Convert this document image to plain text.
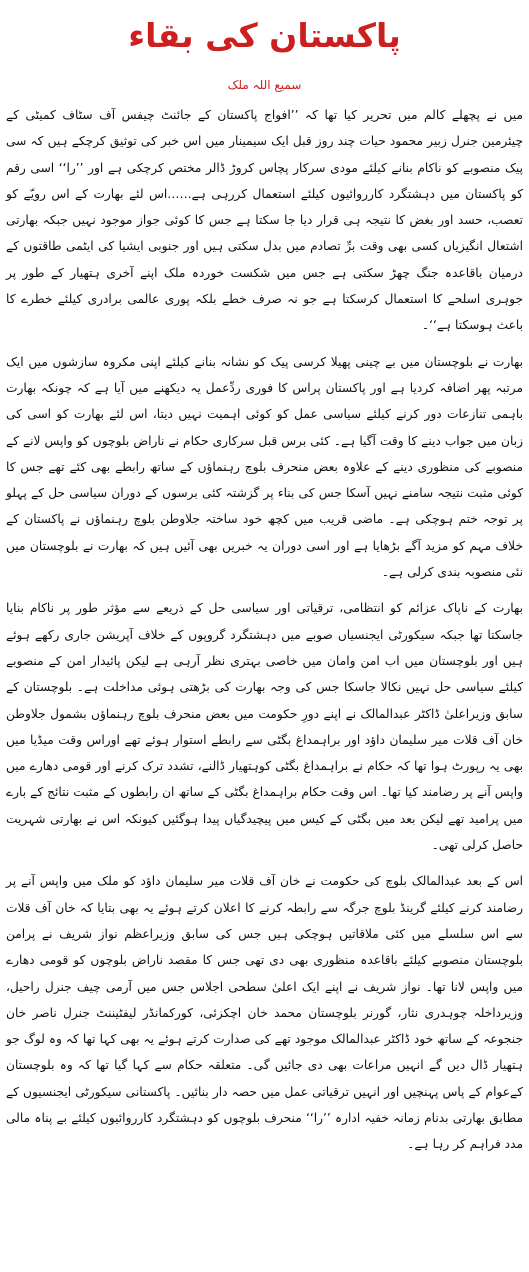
پاکستان کی بقاء
سمیع اللہ ملک

میں نے پچھلے کالم میں تحریر کیا تھا کہ ’’افواج پاکستان کے جائنٹ چیفس آف سٹاف کمیٹی کے چیئرمین جنرل زبیر محمود حیات چند روز قبل ایک سیمینار میں اس خبر کی توثیق کرچکے ہیں کہ سی پیک منصوبے کو ناکام بنانے کیلئے مودی سرکار پچاس کروڑ ڈالر مختص کرچکی ہے اور ’’را‘‘ اسی رقم کو پاکستان میں دہشتگرد کارروائیوں کیلئے استعمال کررہی ہے……اس لئے بھارت کے اس رویّے کو تعصب، حسد اور بغض کا نتیجہ ہی قرار دیا جا سکتا ہے جس کا کوئی جواز موجود نہیں جبکہ بھارتی اشتعال انگیزیاں کسی بھی وقت برِّ تصادم میں بدل سکتی ہیں اور جنوبی ایشیا کی ایٹمی طاقتوں کے درمیان باقاعدہ جنگ چھڑ سکتی ہے جس میں شکست خوردہ ملک اپنے آخری ہتھیار کے طور پر جوہری اسلحے کا استعمال کرسکتا ہے جو نہ صرف خطے بلکہ پوری عالمی برادری کیلئے خطرے کا باعث ہوسکتا ہے‘‘۔

بھارت نے بلوچستان میں بے چینی پھیلا کرسی پیک کو نشانہ بنانے کیلئے اپنی مکروہ سازشوں میں ایک مرتبہ پھر اضافہ کردیا ہے اور پاکستان پراس کا فوری ردِّعمل یہ دیکھنے میں آیا ہے کہ چونکہ بھارت باہمی تنازعات دور کرنے کیلئے سیاسی عمل کو کوئی اہمیت نہیں دیتا، اس لئے بھارت کو اسی کی زبان میں جواب دینے کا وقت آگیا ہے۔ کئی برس قبل سرکاری حکام نے ناراض بلوچوں کو واپس لانے کے منصوبے کی منظوری دینے کے علاوہ بعض منحرف بلوچ رہنماؤں کے ساتھ رابطے بھی کئے تھے جس کا کوئی مثبت نتیجہ سامنے نہیں آسکا جس کی بناء پر گزشتہ کئی برسوں کے دوران سیاسی حل کے پہلو پر توجہ ختم ہوچکی ہے۔ ماضی قریب میں کچھ خود ساختہ جلاوطن بلوچ رہنماؤں نے پاکستان کے خلاف مہم کو مزید آگے بڑھایا ہے اور اسی دوران یہ خبریں بھی آئیں ہیں کہ بھارت نے بلوچستان میں نئی منصوبہ بندی کرلی ہے۔

بھارت کے ناپاک عزائم کو انتظامی، ترقیاتی اور سیاسی حل کے ذریعے سے مؤثر طور پر ناکام بنایا جاسکتا تھا جبکہ سیکورٹی ایجنسیاں صوبے میں دہشتگرد گروپوں کے خلاف آپریشن جاری رکھے ہوئے ہیں اور بلوچستان میں اب امن وامان میں خاصی بہتری نظر آرہی ہے لیکن پائیدار امن کے منصوبے کیلئے سیاسی حل نہیں نکالا جاسکا جس کی وجہ بھارت کی بڑھتی ہوئی مداخلت ہے۔ بلوچستان کے سابق وزیراعلیٰ ڈاکٹر عبدالمالک نے اپنے دورِ حکومت میں بعض منحرف بلوچ رہنماؤں بشمول جلاوطن خان آف قلات میر سلیمان داؤد اور براہمداغ بگٹی سے رابطے استوار ہوئے تھے اوراس وقت میڈیا میں بھی یہ رپورٹ ہوا تھا کہ حکام نے براہمداغ بگٹی کوہتھیار ڈالنے، تشدد ترک کرنے اور قومی دھارے میں واپس آنے پر رضامند کیا تھا۔ اس وقت حکام براہمداغ بگٹی کے ساتھ ان رابطوں کے مثبت نتائج کے بارے میں پرامید تھے لیکن بعد میں بگٹی کے کیس میں پیچیدگیاں پیدا ہوگئیں کیونکہ اس نے بھارتی شہریت حاصل کرلی تھی۔

اس کے بعد عبدالمالک بلوچ کی حکومت نے خان آف قلات میر سلیمان داؤد کو ملک میں واپس آنے پر رضامند کرنے کیلئے گرینڈ بلوچ جرگہ سے رابطہ کرنے کا اعلان کرتے ہوئے یہ بھی بتایا کہ خان آف قلات سے اس سلسلے میں کئی ملاقاتیں ہوچکی ہیں جس کی سابق وزیراعظم نواز شریف نے پرامن بلوچستان منصوبے کیلئے باقاعدہ منظوری بھی دی تھی جس کا مقصد ناراض بلوچوں کو قومی دھارے میں واپس لانا تھا۔ نواز شریف نے اپنے ایک اعلیٰ سطحی اجلاس جس میں آرمی چیف جنرل راحیل، وزیرداخلہ چوہدری نثار، گورنر بلوچستان محمد خان اچکزئی، کورکمانڈر لیفٹیننٹ جنرل ناصر خان جنجوعہ کے ساتھ خود ڈاکٹر عبدالمالک موجود تھے کی صدارت کرتے ہوئے یہ بھی کہا تھا کہ وہ لوگ جو ہتھیار ڈال دیں گے انہیں مراعات بھی دی جائیں گی۔ متعلقہ حکام سے کہا گیا تھا کہ وہ بلوچستان کےعوام کے پاس پہنچیں اور انہیں ترقیاتی عمل میں حصہ دار بنائیں۔ پاکستانی سیکورٹی ایجنسیوں کے مطابق بھارتی بدنام زمانہ خفیہ ادارہ ’’را‘‘ منحرف بلوچوں کو دہشتگرد کارروائیوں کیلئے بے پناہ مالی مدد فراہم کر رہا ہے۔
